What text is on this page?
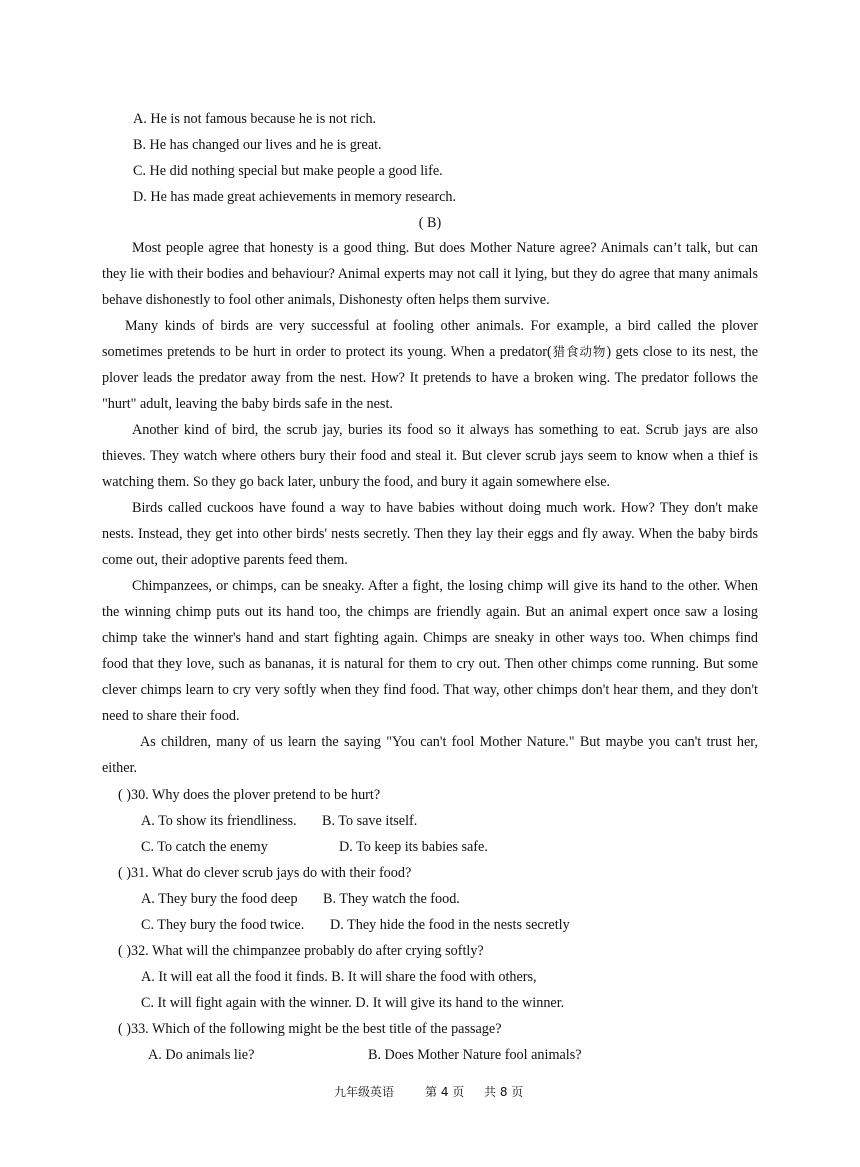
A. He is not famous because he is not rich.
B. He has changed our lives and he is great.
C. He did nothing special but make people a good life.
D. He has made great achievements in memory research.
( B)
Most people agree that honesty is a good thing. But does Mother Nature agree? Animals can’t talk, but can they lie with their bodies and behaviour? Animal experts may not call it lying, but they do agree that many animals behave dishonestly to fool other animals, Dishonesty often helps them survive.
Many kinds of birds are very successful at fooling other animals. For example, a bird called the plover sometimes pretends to be hurt in order to protect its young. When a predator(猎食动物) gets close to its nest, the plover leads the predator away from the nest. How? It pretends to have a broken wing. The predator follows the "hurt" adult, leaving the baby birds safe in the nest.
Another kind of bird, the scrub jay, buries its food so it always has something to eat. Scrub jays are also thieves. They watch where others bury their food and steal it. But clever scrub jays seem to know when a thief is watching them. So they go back later, unbury the food, and bury it again somewhere else.
Birds called cuckoos have found a way to have babies without doing much work. How? They don't make nests. Instead, they get into other birds' nests secretly. Then they lay their eggs and fly away. When the baby birds come out, their adoptive parents feed them.
Chimpanzees, or chimps, can be sneaky. After a fight, the losing chimp will give its hand to the other. When the winning chimp puts out its hand too, the chimps are friendly again. But an animal expert once saw a losing chimp take the winner's hand and start fighting again. Chimps are sneaky in other ways too. When chimps find food that they love, such as bananas, it is natural for them to cry out. Then other chimps come running. But some clever chimps learn to cry very softly when they find food. That way, other chimps don't hear them, and they don't need to share their food.
As children, many of us learn the saying "You can't fool Mother Nature." But maybe you can't trust her, either.
( )30. Why does the plover pretend to be hurt?
A. To show its friendliness. B. To save itself.
C. To catch the enemy	D. To keep its babies safe.
( )31. What do clever scrub jays do with their food?
A. They bury the food deep B. They watch the food.
C. They bury the food twice. D. They hide the food in the nests secretly
( )32. What will the chimpanzee probably do after crying softly?
A. It will eat all the food it finds. B. It will share the food with others,
C. It will fight again with the winner. D. It will give its hand to the winner.
( )33. Which of the following might be the best title of the passage?
A. Do animals lie?	B. Does Mother Nature fool animals?
九年级英语	第 4 页 共 8 页
